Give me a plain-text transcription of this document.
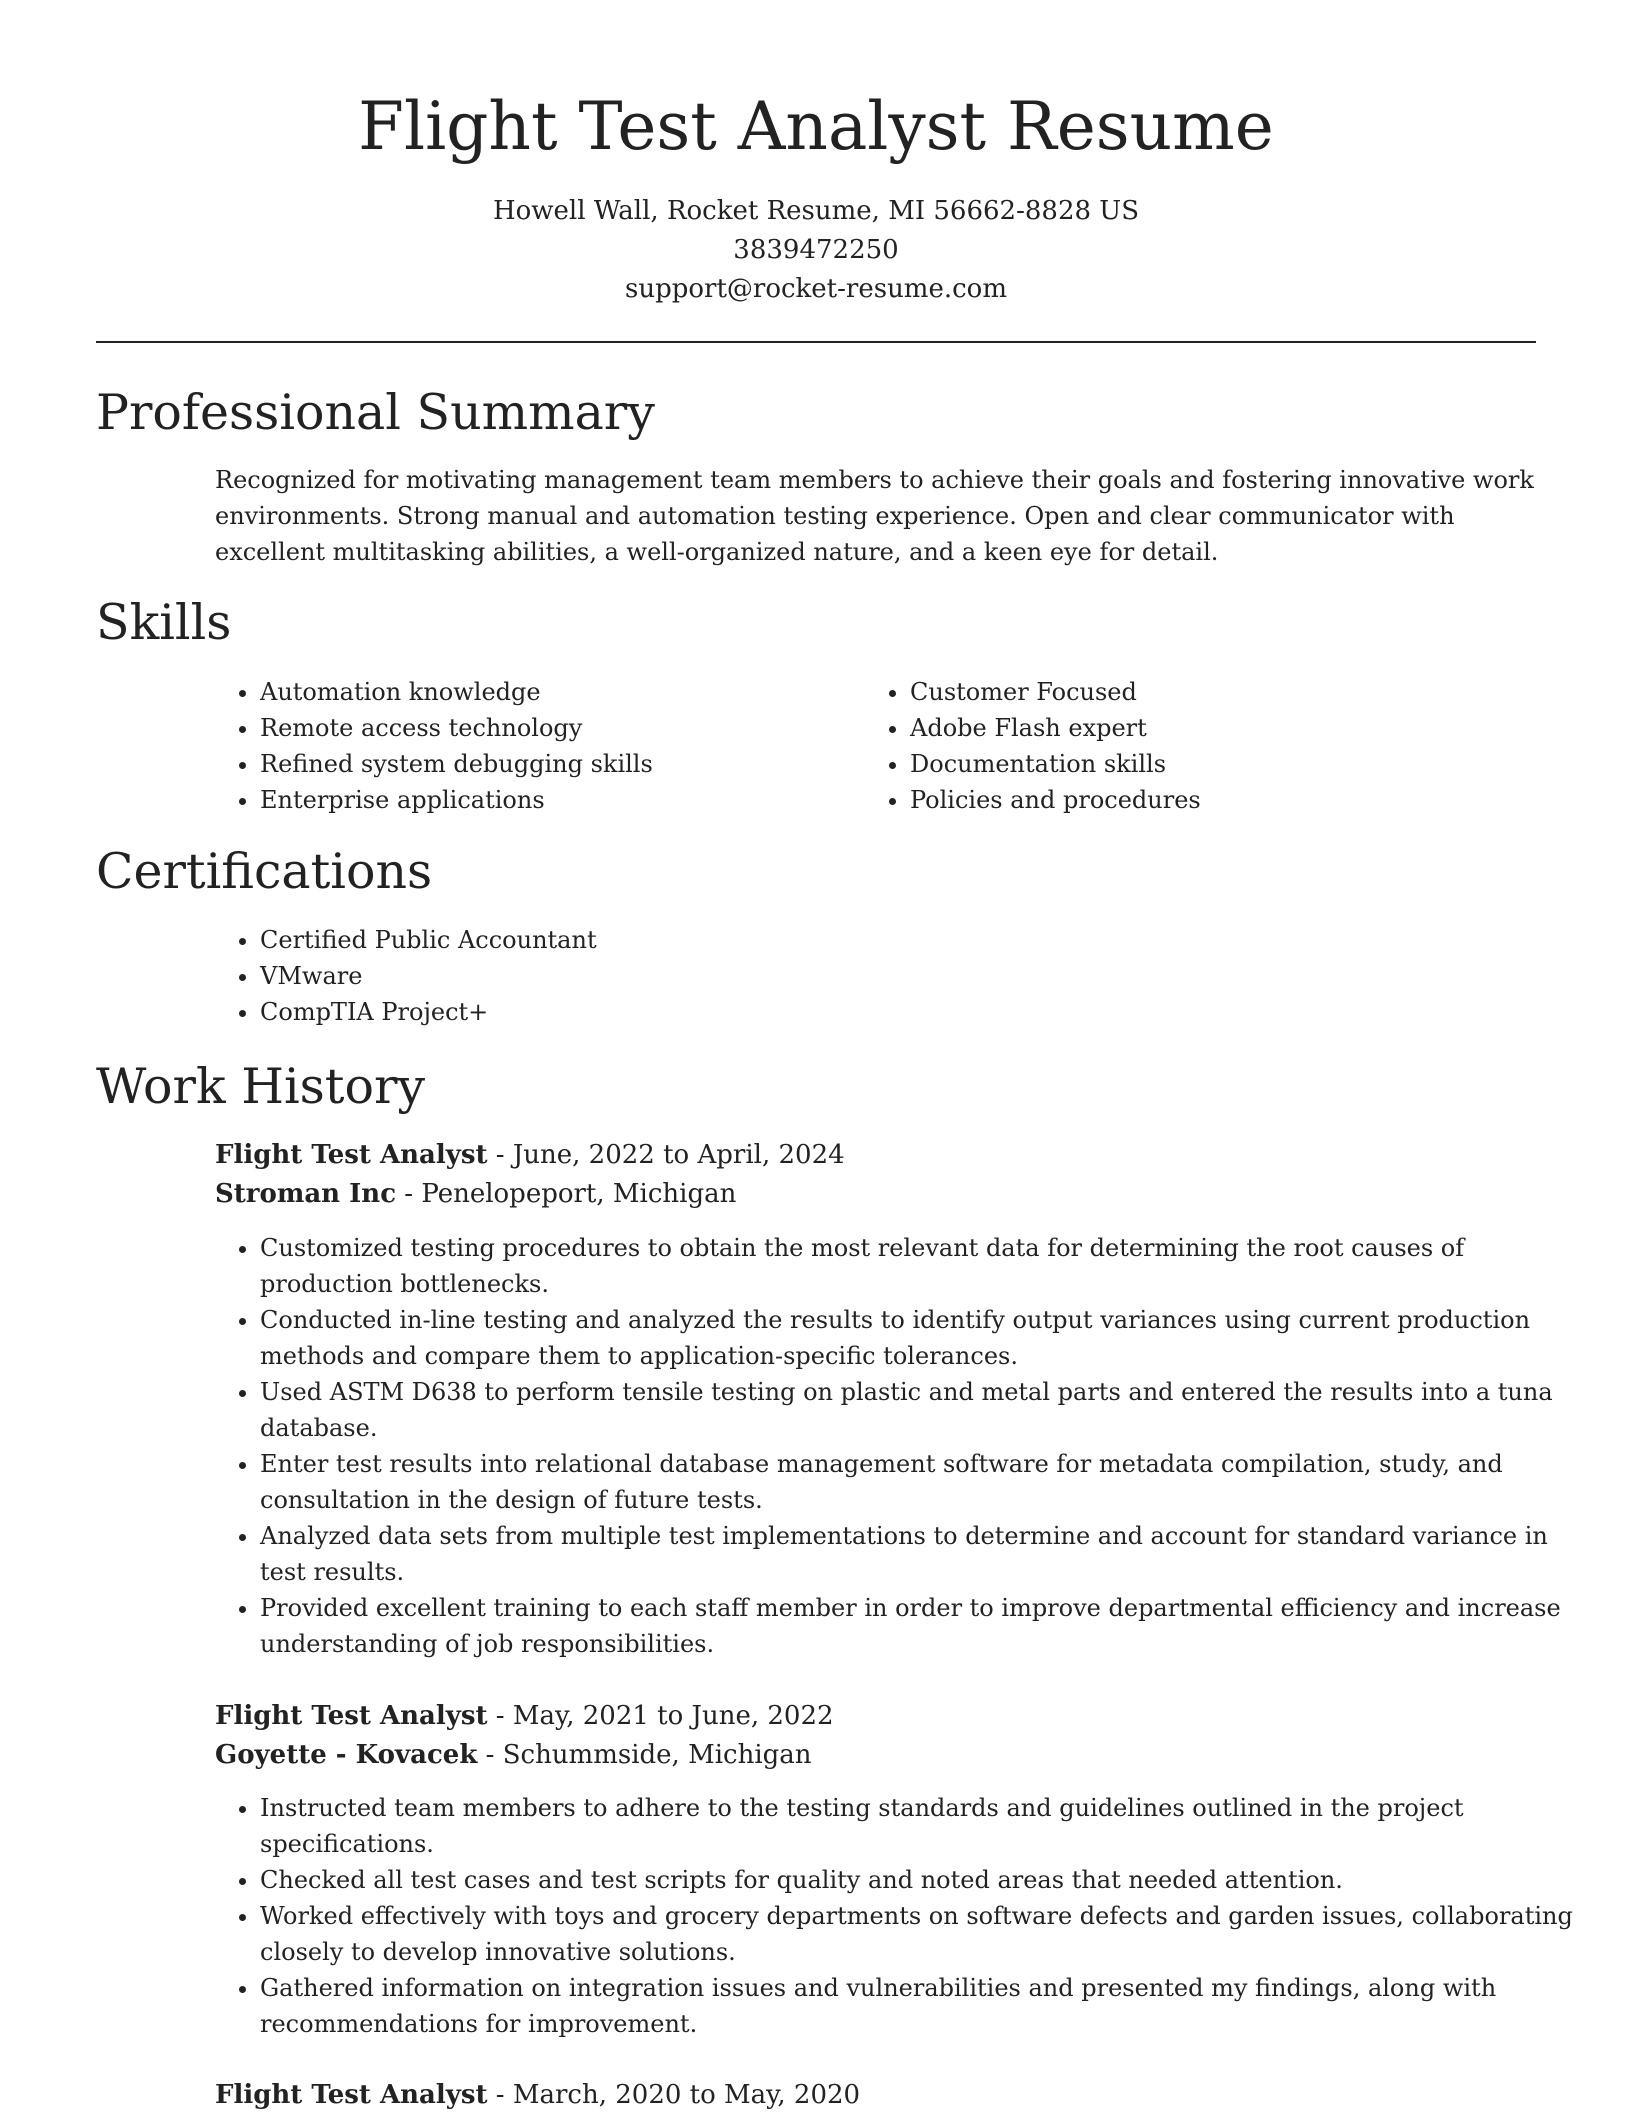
Flight Test Analyst Resume
Howell Wall, Rocket Resume, MI 56662-8828 US
3839472250
support@rocket-resume.com
Professional Summary
Recognized for motivating management team members to achieve their goals and fostering innovative work environments. Strong manual and automation testing experience. Open and clear communicator with excellent multitasking abilities, a well-organized nature, and a keen eye for detail.
Skills
• Automation knowledge
• Remote access technology
• Refined system debugging skills
• Enterprise applications
• Customer Focused
• Adobe Flash expert
• Documentation skills
• Policies and procedures
Certifications
• Certified Public Accountant
• VMware
• CompTIA Project+
Work History
Flight Test Analyst - June, 2022 to April, 2024
Stroman Inc - Penelopeport, Michigan
• Customized testing procedures to obtain the most relevant data for determining the root causes of production bottlenecks.
• Conducted in-line testing and analyzed the results to identify output variances using current production methods and compare them to application-specific tolerances.
• Used ASTM D638 to perform tensile testing on plastic and metal parts and entered the results into a tuna database.
• Enter test results into relational database management software for metadata compilation, study, and consultation in the design of future tests.
• Analyzed data sets from multiple test implementations to determine and account for standard variance in test results.
• Provided excellent training to each staff member in order to improve departmental efficiency and increase understanding of job responsibilities.
Flight Test Analyst - May, 2021 to June, 2022
Goyette - Kovacek - Schummside, Michigan
• Instructed team members to adhere to the testing standards and guidelines outlined in the project specifications.
• Checked all test cases and test scripts for quality and noted areas that needed attention.
• Worked effectively with toys and grocery departments on software defects and garden issues, collaborating closely to develop innovative solutions.
• Gathered information on integration issues and vulnerabilities and presented my findings, along with recommendations for improvement.
Flight Test Analyst - March, 2020 to May, 2020
